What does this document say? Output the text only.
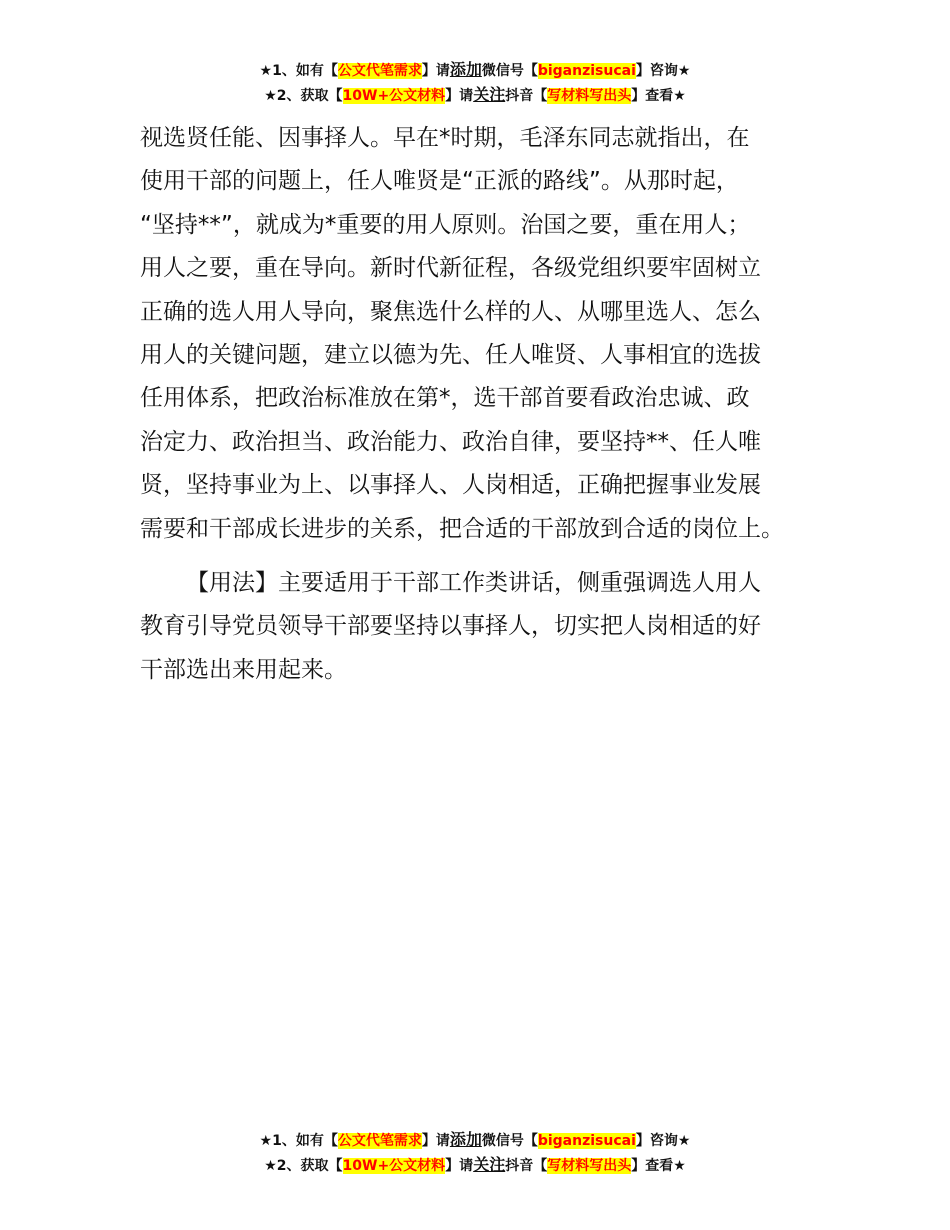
★1、如有【公文代笔需求】请添加微信号【biganzisucai】咨询★
★2、获取【10W+公文材料】请关注抖音【写材料写出头】查看★
视选贤任能、因事择人。早在*时期，毛泽东同志就指出，在
使用干部的问题上，任人唯贤是“正派的路线”。从那时起，
“坚持**”，就成为*重要的用人原则。治国之要，重在用人；
用人之要，重在导向。新时代新征程，各级党组织要牢固树立
正确的选人用人导向，聚焦选什么样的人、从哪里选人、怎么
用人的关键问题，建立以德为先、任人唯贤、人事相宜的选拔
任用体系，把政治标准放在第*，选干部首要看政治忠诚、政
治定力、政治担当、政治能力、政治自律，要坚持**、任人唯
贤，坚持事业为上、以事择人、人岗相适，正确把握事业发展
需要和干部成长进步的关系，把合适的干部放到合适的岗位上。
【用法】主要适用于干部工作类讲话，侧重强调选人用人
教育引导党员领导干部要坚持以事择人，切实把人岗相适的好
干部选出来用起来。
★1、如有【公文代笔需求】请添加微信号【biganzisucai】咨询★
★2、获取【10W+公文材料】请关注抖音【写材料写出头】查看★
